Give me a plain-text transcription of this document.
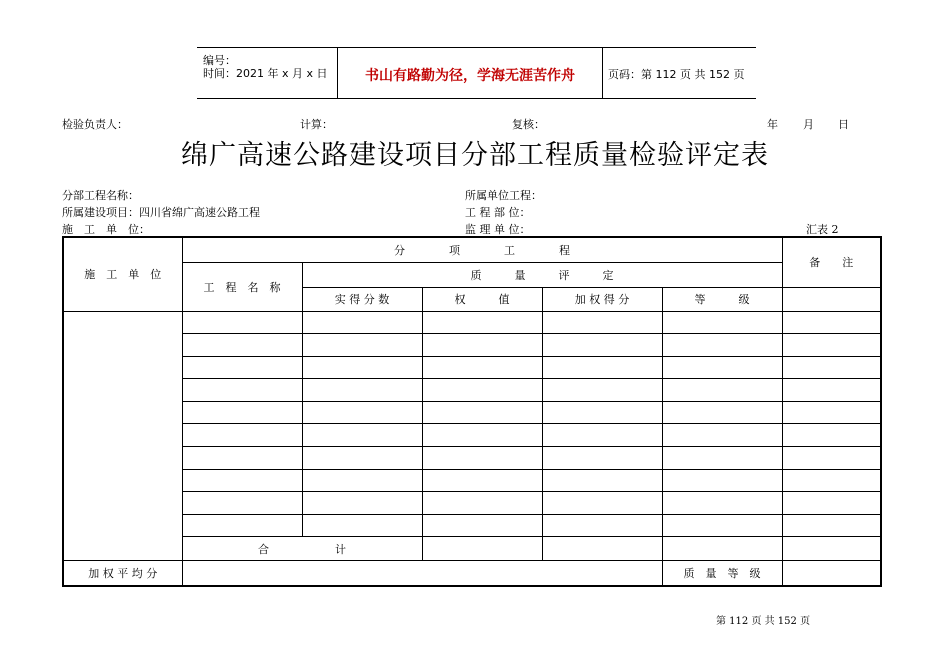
编号：
时间：2021 年 x 月 x 日	书山有路勤为径，学海无涯苦作舟	页码：第 112 页 共 152 页
检验负责人：	计算：	复核：	年 月 日
绵广高速公路建设项目分部工程质量检验评定表
分部工程名称：	所属单位工程：
所属建设项目：四川省绵广高速公路工程	工 程 部 位：
施　工　单　位：	监 理 单 位：	汇表 2
施　工　单　位	分　　　　项　　　　工　　　　程					备　　注
	工　程　名　称	质　　　量　　　评　　　定				
		实 得 分 数	权　　　值	加 权 得 分	等　　　级	

	合　　　　　　计					
加 权 平 均 分					质　量　等　级	
第 112 页 共 152 页
